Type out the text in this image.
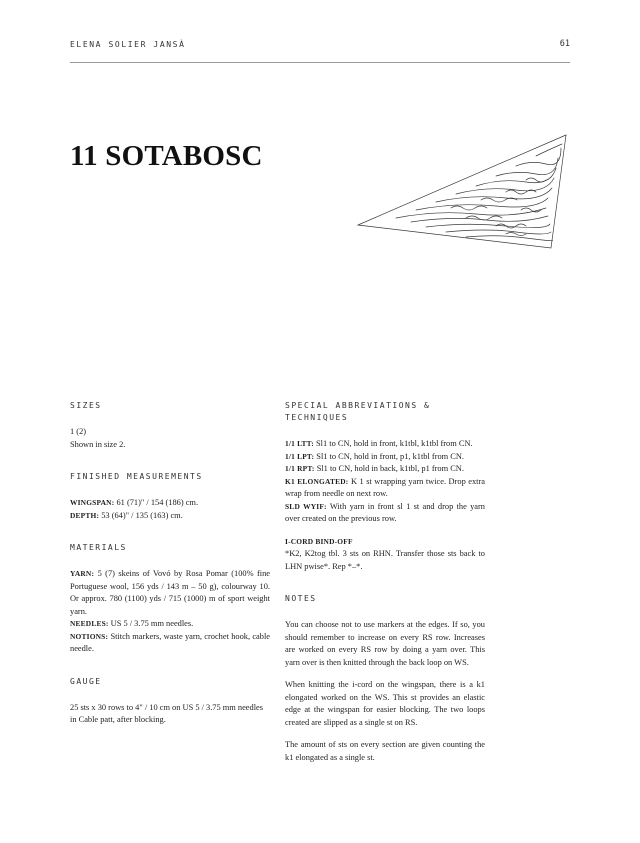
ELENA SOLIER JANSÀ	61
11 SOTABOSC

SIZES

1 (2)

Shown in size 2.

FINISHED MEASUREMENTS

WINGSPAN: 61 (71)" / 154 (186) cm.

DEPTH: 53 (64)" / 135 (163) cm.

MATERIALS

YARN: 5 (7) skeins of Vovó by Rosa Pomar (100% fine Portuguese wool, 156 yds / 143 m – 50 g), colourway 10. Or approx. 780 (1100) yds / 715 (1000) m of sport weight yarn.

NEEDLES: US 5 / 3.75 mm needles.

NOTIONS: Stitch markers, waste yarn, crochet hook, cable needle.

GAUGE

25 sts x 30 rows to 4" / 10 cm on US 5 / 3.75 mm needles in Cable patt, after blocking.

SPECIAL ABBREVIATIONS &

TECHNIQUES

1/1 LTT: Sl1 to CN, hold in front, k1tbl, k1tbl from CN.

1/1 LPT: Sl1 to CN, hold in front, p1, k1tbl from CN.

1/1 RPT: Sl1 to CN, hold in back, k1tbl, p1 from CN.

K1 ELONGATED: K 1 st wrapping yarn twice. Drop extra wrap from needle on next row.

SLD WYIF: With yarn in front sl 1 st and drop the yarn over created on the previous row.

I-CORD BIND-OFF

*K2, K2tog tbl. 3 sts on RHN. Transfer those sts back to LHN pwise*. Rep *–*.

NOTES

You can choose not to use markers at the edges. If so, you should remember to increase on every RS row. Increases are worked on every RS row by doing a yarn over. This yarn over is then knitted through the back loop on WS.

When knitting the i-cord on the wingspan, there is a k1 elongated worked on the WS. This st provides an elastic edge at the wingspan for easier blocking. The two loops created are slipped as a single st on RS.

The amount of sts on every section are given counting the k1 elongated as a single st.
